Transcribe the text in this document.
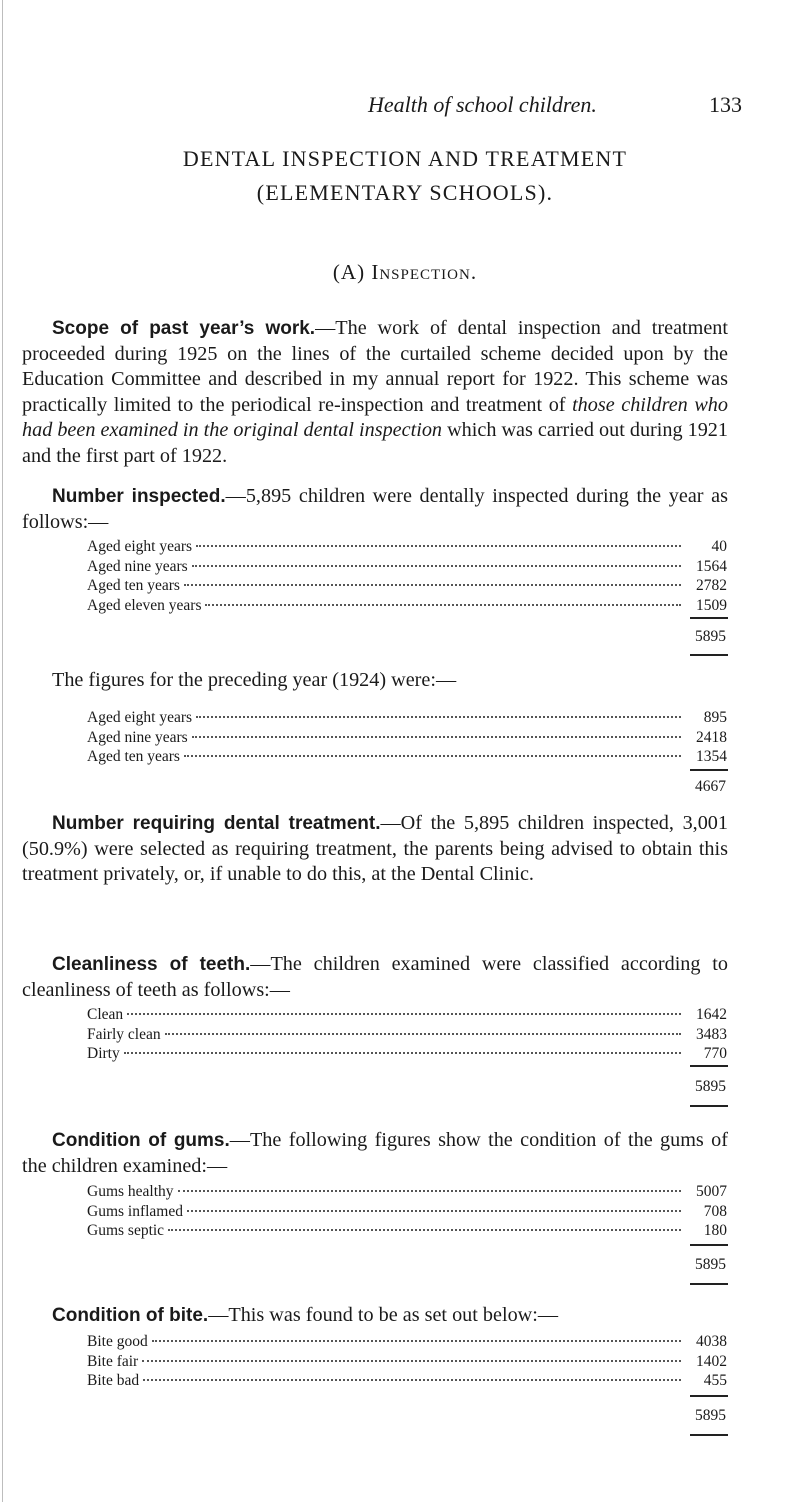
Health of school children.	133
DENTAL INSPECTION AND TREATMENT
(ELEMENTARY SCHOOLS).
(A) Inspection.

Scope of past year’s work.—The work of dental inspection and treatment proceeded during 1925 on the lines of the curtailed scheme decided upon by the Education Committee and described in my annual report for 1922. This scheme was practically limited to the periodical re-inspection and treatment of those children who had been examined in the original dental inspection which was carried out during 1921 and the first part of 1922.

Number inspected.—5,895 children were dentally inspected during the year as follows:—

Aged eight years	40
Aged nine years	1564
Aged ten years	2782
Aged eleven years	1509
5895

The figures for the preceding year (1924) were:—

Aged eight years	895
Aged nine years	2418
Aged ten years	1354
4667

Number requiring dental treatment.—Of the 5,895 children inspected, 3,001 (50.9%) were selected as requiring treatment, the parents being advised to obtain this treatment privately, or, if unable to do this, at the Dental Clinic.

Cleanliness of teeth.—The children examined were classified according to cleanliness of teeth as follows:—

Clean	1642
Fairly clean	3483
Dirty	770
5895

Condition of gums.—The following figures show the condition of the gums of the children examined:—

Gums healthy	5007
Gums inflamed	708
Gums septic	180
5895

Condition of bite.—This was found to be as set out below:—

Bite good	4038
Bite fair	1402
Bite bad	455
5895
